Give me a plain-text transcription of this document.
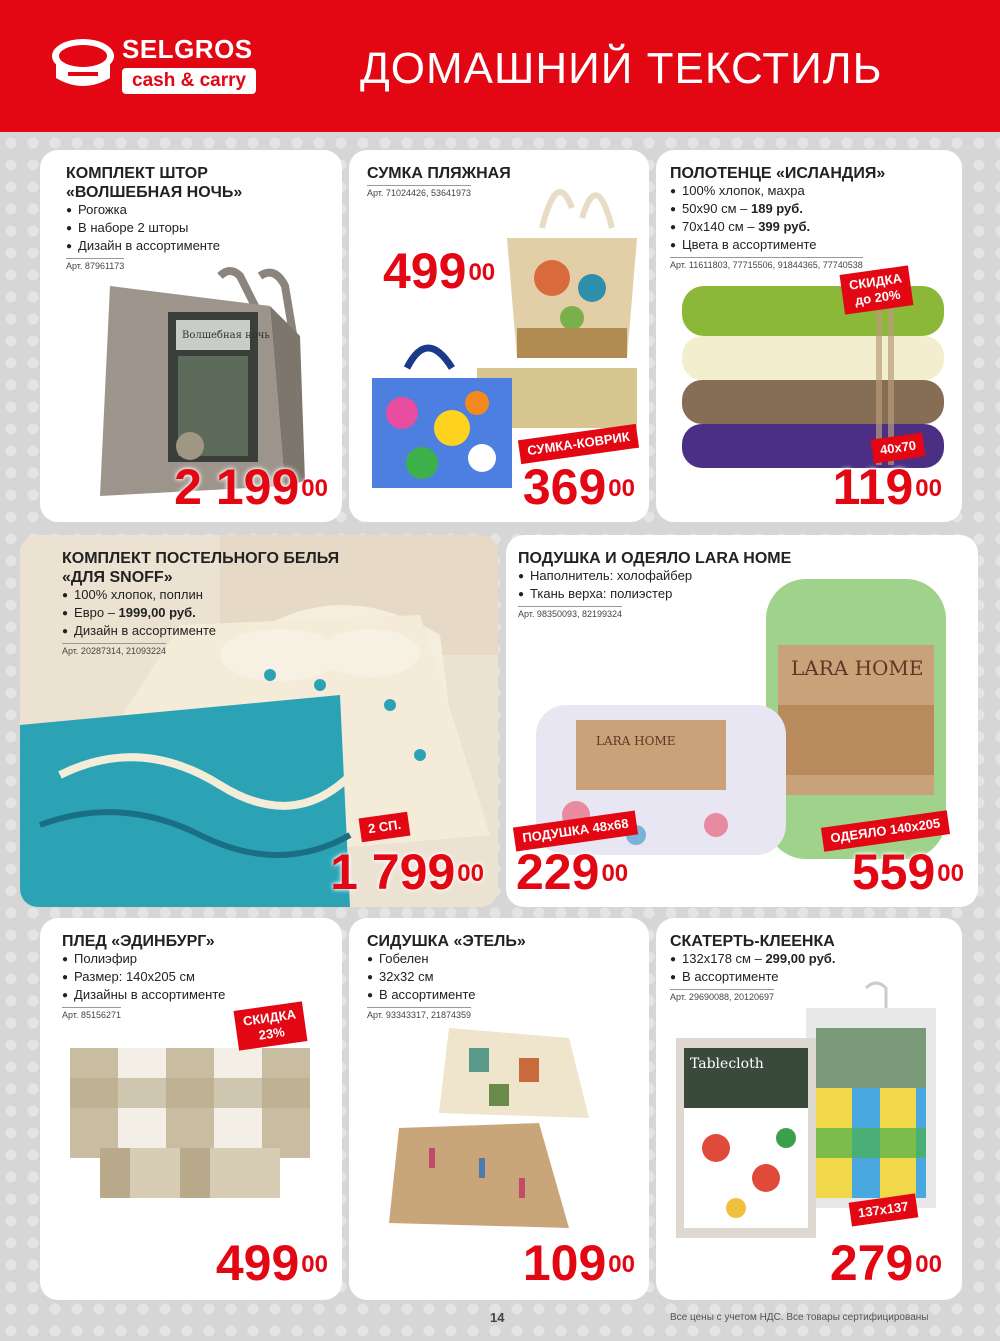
SELGROS
cash & carry	ДОМАШНИЙ ТЕКСТИЛЬ
КОМПЛЕКТ ШТОР
«ВОЛШЕБНАЯ НОЧЬ»
● Рогожка
● В наборе 2 шторы
● Дизайн в ассортименте
Арт. 87961173
Волшебная ночь
2 $199^{00}$
СУМКА ПЛЯЖНАЯ
Арт. 71024426, 53641973
$499^{00}$
СУМКА-КОВРИК
$369^{00}$
ПОЛОТЕНЦЕ «ИСЛАНДИЯ»
● 100% хлопок, махра
● 50х90 см – 189 руб.
● 70х140 см – 399 руб.
● Цвета в ассортименте
Арт. 11611803, 77715506, 91844365, 77740538
СКИДКА
до 20%
40х70
$119^{00}$
КОМПЛЕКТ ПОСТЕЛЬНОГО БЕЛЬЯ
«ДЛЯ SNOFF»
● 100% хлопок, поплин
● Евро – 1999,00 руб.
● Дизайн в ассортименте
Арт. 20287314, 21093224
2 СП.
1 $799^{00}$
ПОДУШКА И ОДЕЯЛО LARA HOME
● Наполнитель: холофайбер
● Ткань верха: полиэстер
Арт. 98350093, 82199324
LARA HOME
LARA HOME
ПОДУШКА 48х68
$229^{00}$
ОДЕЯЛО 140х205
$559^{00}$
ПЛЕД «ЭДИНБУРГ»
● Полиэфир
● Размер: 140х205 см
● Дизайны в ассортименте
Арт. 85156271	СКИДКА
23%
$499^{00}$
СИДУШКА «ЭТЕЛЬ»
● Гобелен
● 32х32 см
● В ассортименте
Арт. 93343317, 21874359
$109^{00}$
СКАТЕРТЬ-КЛЕЕНКА
● 132х178 см – 299,00 руб.
● В ассортименте
Арт. 29690088, 20120697
Tablecloth
137х137
$279^{00}$
14	Все цены с учетом НДС. Все товары сертифицированы
